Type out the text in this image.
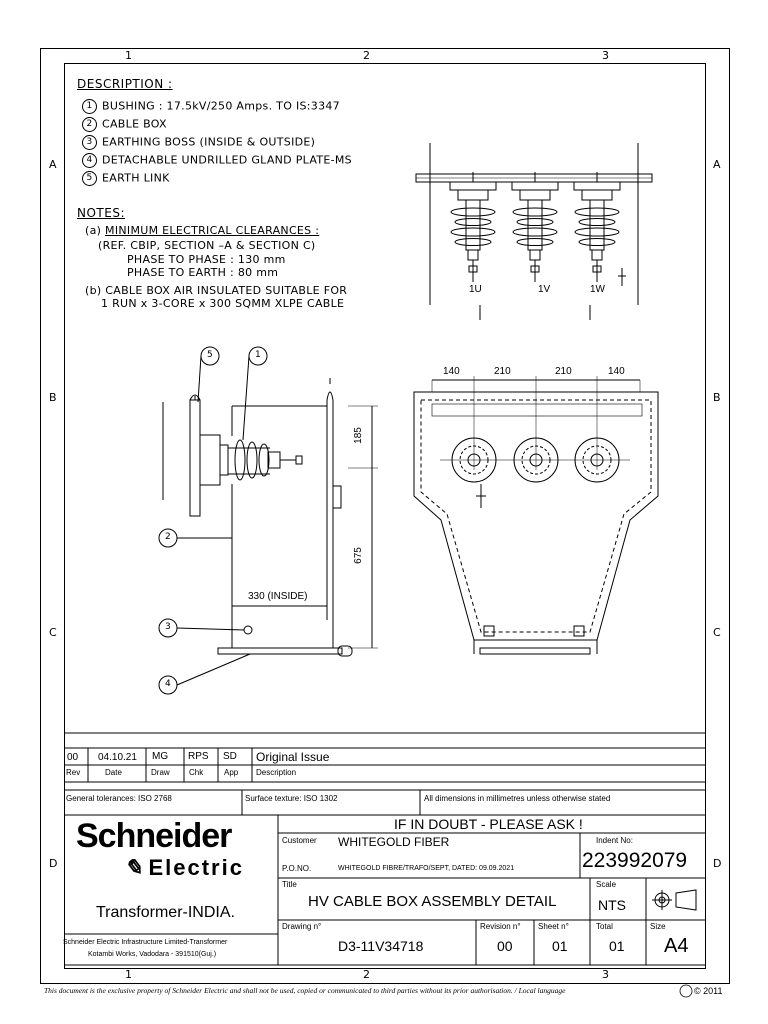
1	2	3
1	2	3
A
B
C
D
A
B
C
D
DESCRIPTION :
1 BUSHING : 17.5kV/250 Amps. TO IS:3347
2 CABLE BOX
3 EARTHING BOSS (INSIDE & OUTSIDE)
4 DETACHABLE UNDRILLED GLAND PLATE-MS
5 EARTH LINK
NOTES:
(a) MINIMUM ELECTRICAL CLEARANCES :
(REF. CBIP, SECTION –A & SECTION C)
PHASE TO PHASE : 130 mm
PHASE TO EARTH : 80 mm
(b) CABLE BOX AIR INSULATED SUITABLE FOR
1 RUN x 3-CORE x 300 SQMM XLPE CABLE
1U	1V	1W
140	210	210	140
185
675
330 (INSIDE)
5	1
2
3
4
00 04.10.21 MG RPS SD Original Issue
Rev	Date	Draw Chk	App Description
General tolerances: ISO 2768	Surface texture: ISO 1302	All dimensions in millimetres unless otherwise stated
Schneider
✎ Electric
Transformer-INDIA.
Schneider Electric Infrastructure Limited-Transformer
Kotambi Works, Vadodara - 391510(Guj.)
IF IN DOUBT - PLEASE ASK !
Customer WHITEGOLD FIBER	Indent No:
223992079
P.O.NO.	WHITEGOLD FIBRE/TRAFO/SEPT, DATED: 09.09.2021
Title
HV CABLE BOX ASSEMBLY DETAIL
Scale
NTS
Drawing n°
D3-11V34718
Revision n°
00
Sheet n°
01
Total
01
Size
A4
This document is the exclusive property of Schneider Electric and shall not be used, copied or communicated to third parties without its prior authorisation. / Local language	© 2011
